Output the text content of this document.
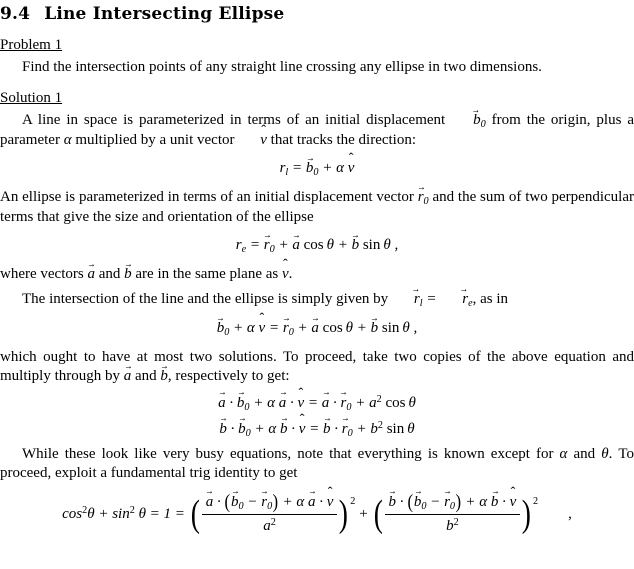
9.4 Line Intersecting Ellipse
Problem 1

Find the intersection points of any straight line crossing any ellipse in two dimensions.

Solution 1

A line in space is parameterized in terms of an initial displacement → $b_0$ from the origin, plus a parameter α multiplied by a unit vector ˆ v that tracks the direction:

$r_l$ = → $b_0 + \alpha$ ˆ v

An ellipse is parameterized in terms of an initial displacement vector → $r_0$ and the sum of two perpendicular terms that give the size and orientation of the ellipse

$r_e$ = → $r_0$ + → a cos θ + → b sin θ ,

where vectors → a and → b are in the same plane as ˆ v.

The intersection of the line and the ellipse is simply given by → $r_l$ = → $r_e$, as in

→ $b_0 + \alpha$ ˆ v = → $r_0$ + → a cos θ + → b sin θ ,

which ought to have at most two solutions. To proceed, take two copies of the above equation and multiply through by → a and → b, respectively to get:

→ a · → $b_0 + \alpha \to a$ · ˆ v = → a · → $r_0 + a^2$ cos θ
→ b · → $b_0 + \alpha \to b$ · ˆ v = → b · → $r_0 + b^2$ sin θ

While these look like very busy equations, note that everything is known except for α and θ. To proceed, exploit a fundamental trig identity to get

$\cos^2\theta + \sin^2 \theta = 1$ = ( → $\frac{a \cdot (\to b_0 - \to r_0) + \alpha \to a \cdot ˆ v}{a^2}$ ) 2
+ ( → $\frac{b \cdot (\to b_0 - \to r_0) + \alpha \to b \cdot ˆ v}{b^2}$ ) 2
,
